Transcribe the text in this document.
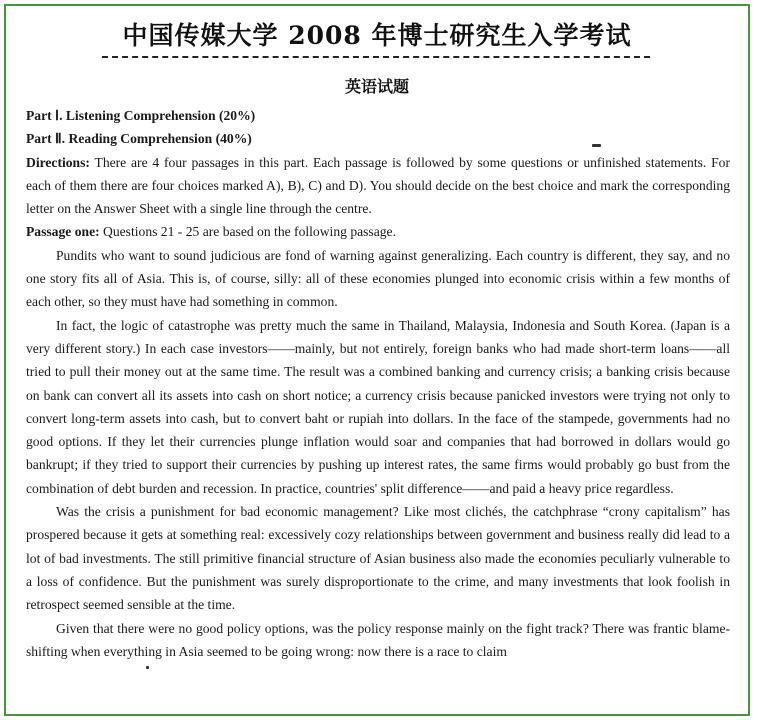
中国传媒大学 2008 年博士研究生入学考试
英语试题
Part Ⅰ. Listening Comprehension (20%)
Part Ⅱ. Reading Comprehension (40%)

Directions: There are 4 four passages in this part. Each passage is followed by some questions or unfinished statements. For each of them there are four choices marked A), B), C) and D). You should decide on the best choice and mark the corresponding letter on the Answer Sheet with a single line through the centre.

Passage one: Questions 21 - 25 are based on the following passage.

Pundits who want to sound judicious are fond of warning against generalizing. Each country is different, they say, and no one story fits all of Asia. This is, of course, silly: all of these economies plunged into economic crisis within a few months of each other, so they must have had something in common.

In fact, the logic of catastrophe was pretty much the same in Thailand, Malaysia, Indonesia and South Korea. (Japan is a very different story.) In each case investors——mainly, but not entirely, foreign banks who had made short-term loans——all tried to pull their money out at the same time. The result was a combined banking and currency crisis; a banking crisis because on bank can convert all its assets into cash on short notice; a currency crisis because panicked investors were trying not only to convert long-term assets into cash, but to convert baht or rupiah into dollars. In the face of the stampede, governments had no good options. If they let their currencies plunge inflation would soar and companies that had borrowed in dollars would go bankrupt; if they tried to support their currencies by pushing up interest rates, the same firms would probably go bust from the combination of debt burden and recession. In practice, countries' split difference——and paid a heavy price regardless.

Was the crisis a punishment for bad economic management? Like most clichés, the catchphrase “crony capitalism” has prospered because it gets at something real: excessively cozy relationships between government and business really did lead to a lot of bad investments. The still primitive financial structure of Asian business also made the economies peculiarly vulnerable to a loss of confidence. But the punishment was surely disproportionate to the crime, and many investments that look foolish in retrospect seemed sensible at the time.

Given that there were no good policy options, was the policy response mainly on the fight track? There was frantic blame-shifting when everything in Asia seemed to be going wrong: now there is a race to claim
